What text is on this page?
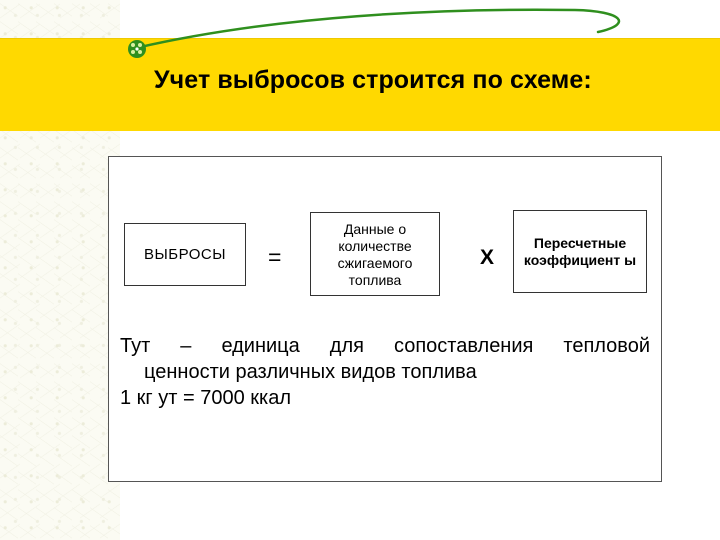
Учет выбросов строится по схеме:
ВЫБРОСЫ =
Данные о количестве сжигаемого топлива
Х
Пересчетные коэффициент ы
Тут – единица для сопоставления тепловой
ценности различных видов топлива
1 кг ут = 7000 ккал
